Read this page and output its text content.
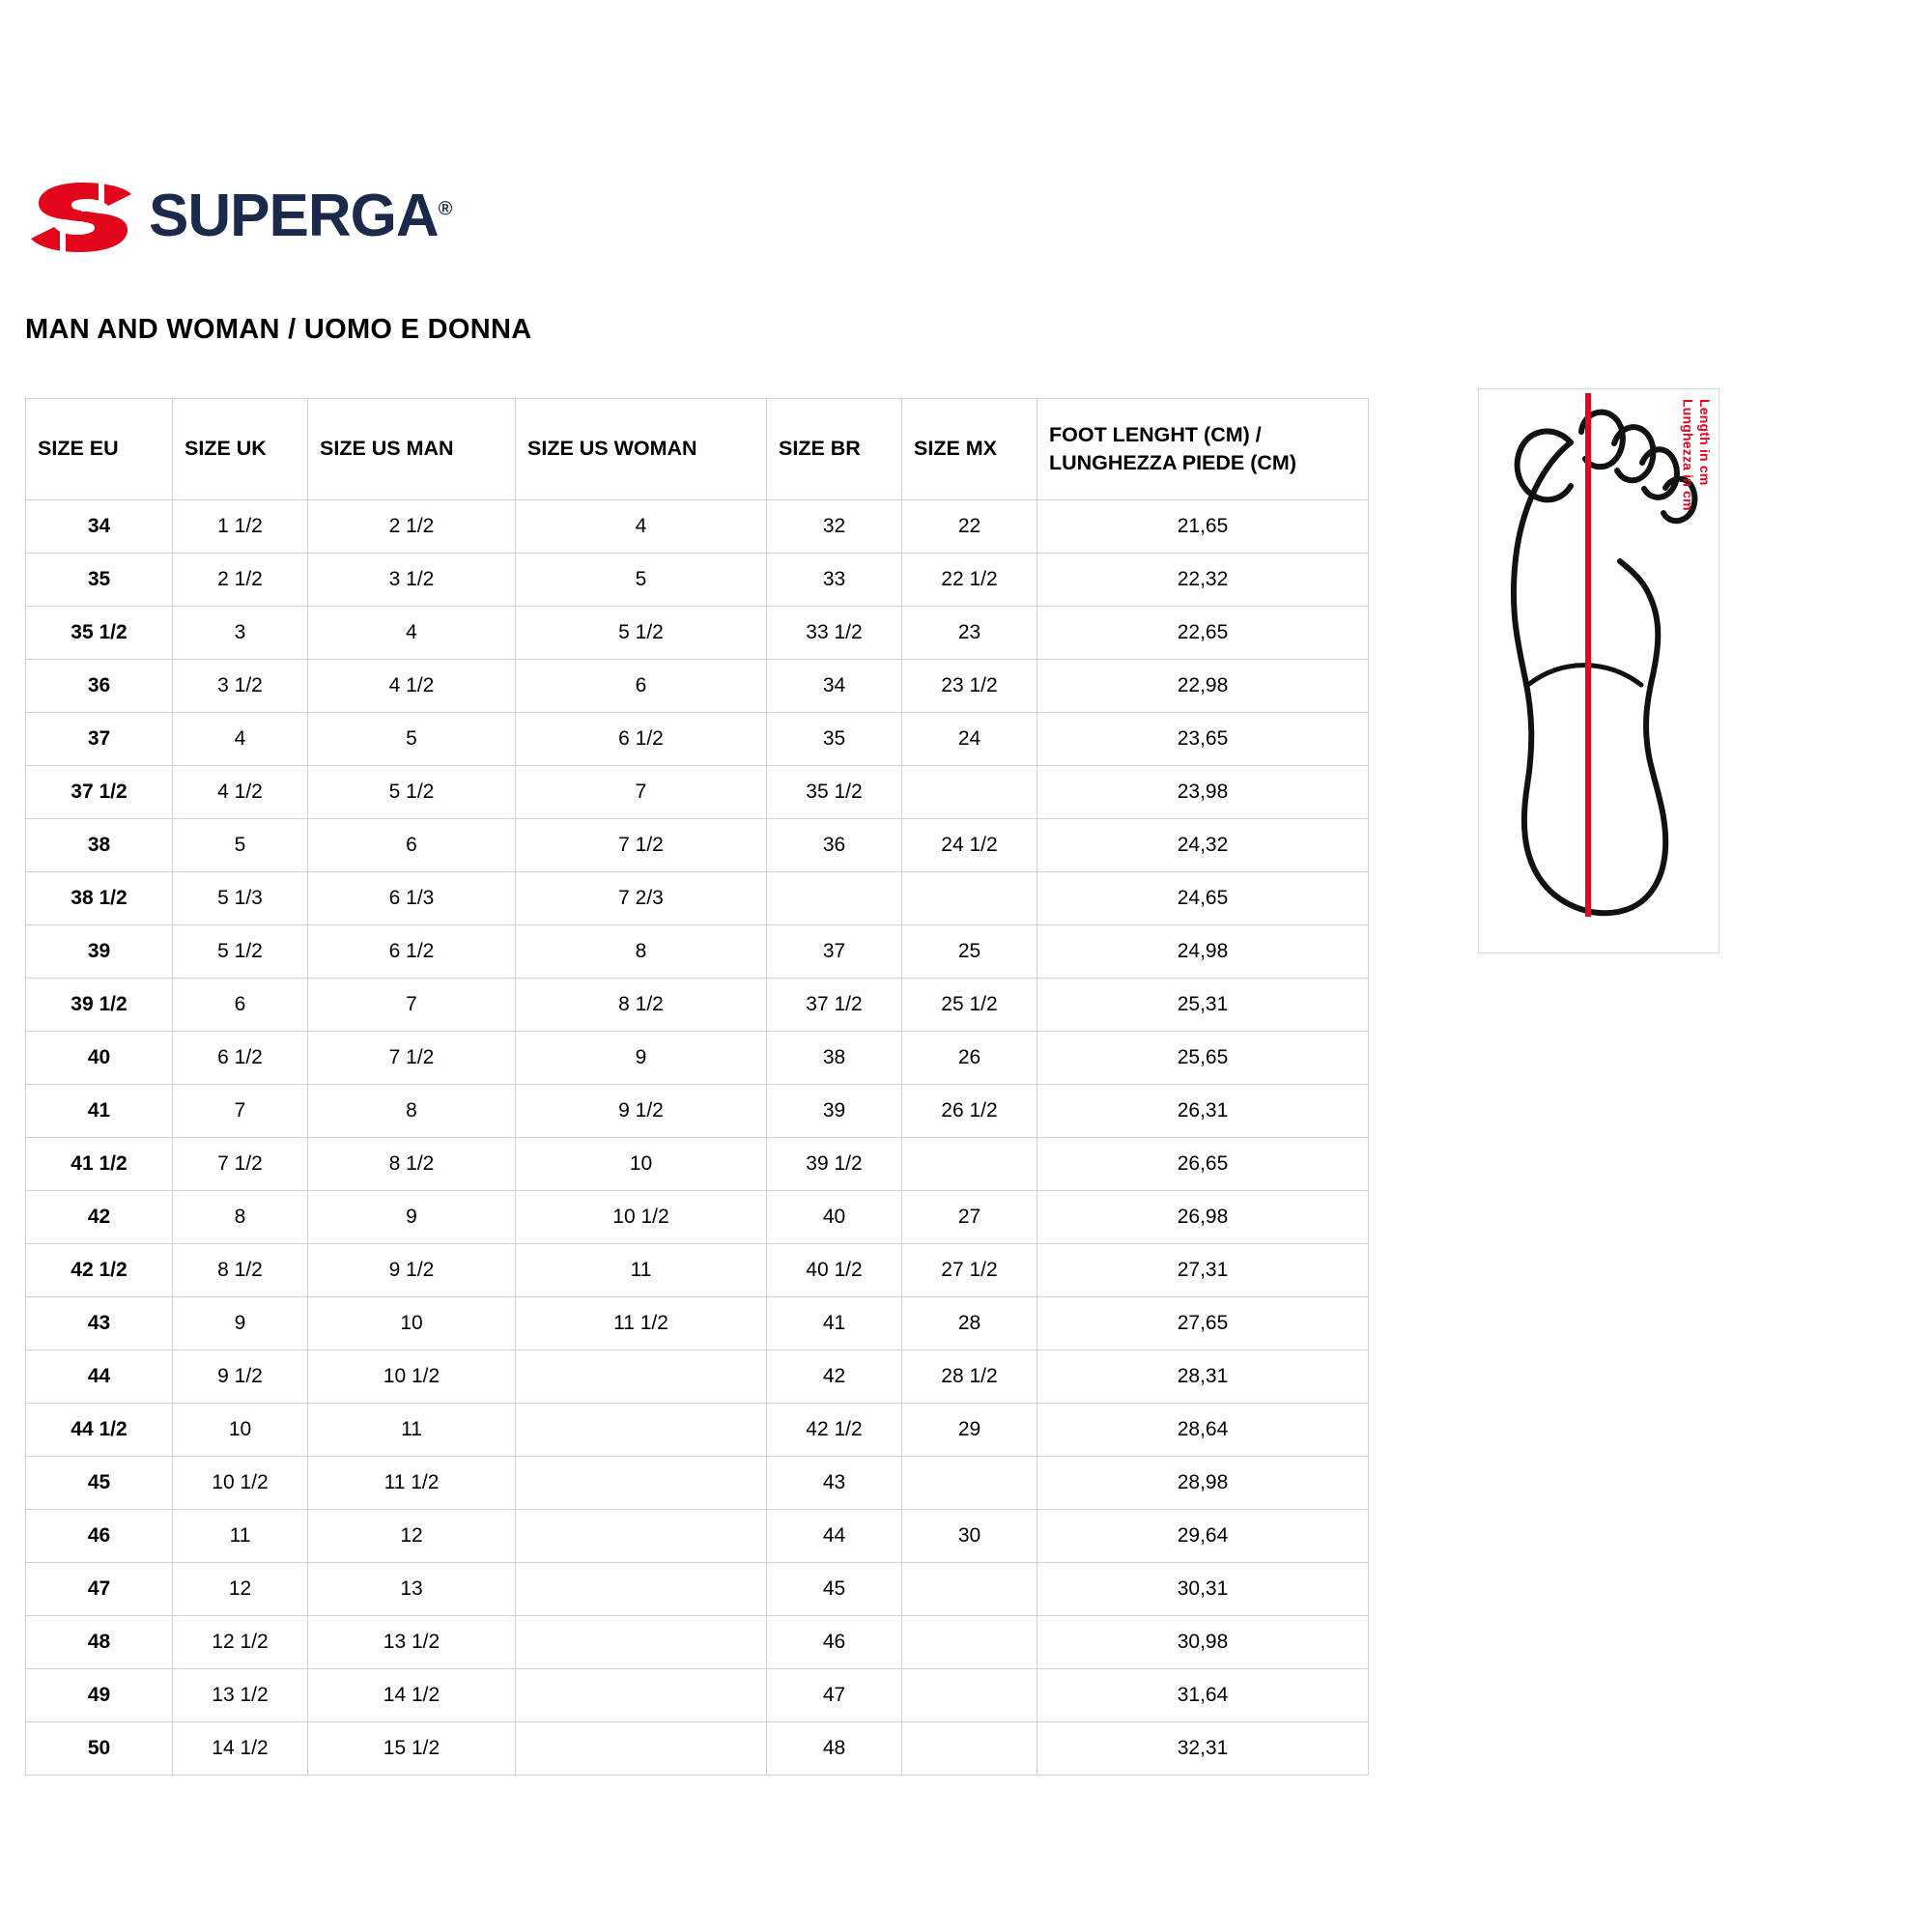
SUPERGA®
MAN AND WOMAN / UOMO E DONNA
SIZE EU	SIZE UK	SIZE US MAN	SIZE US WOMAN	SIZE BR	SIZE MX	FOOT LENGHT (CM) / LUNGHEZZA PIEDE (CM)
34	1 1/2	2 1/2	4	32	22	21,65
35	2 1/2	3 1/2	5	33	22 1/2	22,32
35 1/2	3	4	5 1/2	33 1/2	23	22,65
36	3 1/2	4 1/2	6	34	23 1/2	22,98
37	4	5	6 1/2	35	24	23,65
37 1/2	4 1/2	5 1/2	7	35 1/2		23,98
38	5	6	7 1/2	36	24 1/2	24,32
38 1/2	5 1/3	6 1/3	7 2/3			24,65
39	5 1/2	6 1/2	8	37	25	24,98
39 1/2	6	7	8 1/2	37 1/2	25 1/2	25,31
40	6 1/2	7 1/2	9	38	26	25,65
41	7	8	9 1/2	39	26 1/2	26,31
41 1/2	7 1/2	8 1/2	10	39 1/2		26,65
42	8	9	10 1/2	40	27	26,98
42 1/2	8 1/2	9 1/2	11	40 1/2	27 1/2	27,31
43	9	10	11 1/2	41	28	27,65
44	9 1/2	10 1/2		42	28 1/2	28,31
44 1/2	10	11		42 1/2	29	28,64
45	10 1/2	11 1/2		43		28,98
46	11	12		44	30	29,64
47	12	13		45		30,31
48	12 1/2	13 1/2		46		30,98
49	13 1/2	14 1/2		47		31,64
50	14 1/2	15 1/2		48		32,31
Length in cm
Lunghezza in cm
